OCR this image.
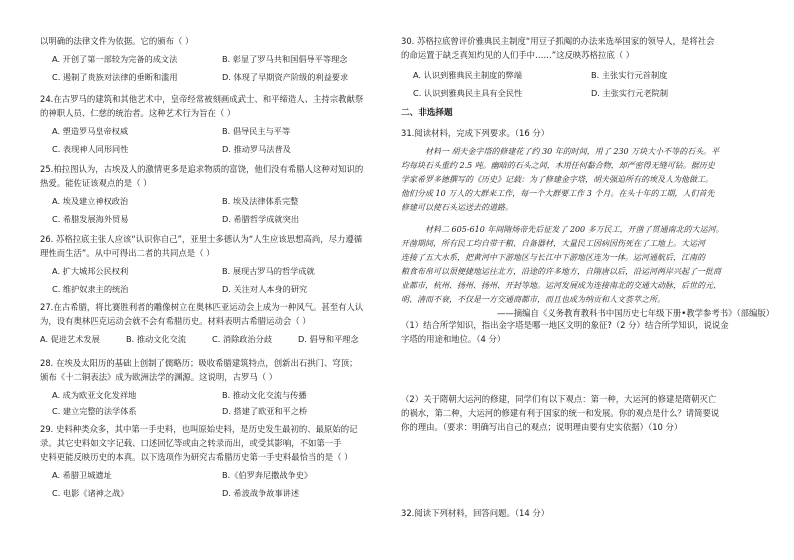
以明确的法律文件为依据。它的颁布（ ）
24.在古罗马的建筑和其他艺术中，皇帝经常被刻画成武士、和平缔造人、主持宗教献祭
的神职人员、仁慈的统治者。这种艺术行为旨在（ ）
25.柏拉图认为，古埃及人的激情更多是追求物质的富饶，他们没有希腊人这种对知识的
热爱。能佐证该观点的是（ ）
26. 苏格拉底主张人应该“认识你自己”，亚里士多德认为“人生应该思想高尚，尽力遵循
理性而生活”。从中可得出二者的共同点是（ ）
27.在古希腊，将比赛胜利者的雕像树立在奥林匹亚运动会上成为一种风气。甚至有人认
为，设有奥林匹克运动会就不会有希腊历史。材料表明古希腊运动会（ ）
28. 在埃及太阳历的基础上创制了儒略历；吸收希腊建筑特点，创新出石拱门、穹顶；
颁布《十二铜表法》成为欧洲法学的渊源。这说明，古罗马（ ）
29. 史料种类众多，其中第一手史料，也叫原始史料，是历史发生最初的、最原始的记
录。其它史料如文字记载、口述回忆等或由之转录而出，或受其影响，不如第一手
史料更能反映历史的本真。以下选项作为研究古希腊历史第一手史料最恰当的是（ ）
A. 开创了第一部较为完备的成文法	B. 彰显了罗马共和国倡导平等理念
C. 遏制了贵族对法律的垂断和滥用	D. 体现了早期资产阶级的利益要求
A. 塑造罗马皇帝权威	B. 倡导民主与平等
C. 表现神人同形同性	D. 推动罗马法普及
A. 埃及建立神权政治	B. 埃及法律体系完整
C. 希腊发展海外贸易	D. 希腊哲学成就突出
A. 扩大城邦公民权利	B. 展现古罗马的哲学成就
C. 维护奴隶主的统治	D. 关注对人本身的研究
A. 促进艺术发展	B. 推动文化交流	C. 消除政治分歧	D. 倡导和平理念
A. 成为欧亚文化发祥地	B. 推动文化交流与传播
C. 建立完整的法学体系	D. 搭建了欧亚和平之桥
A. 希腊卫城遗址	B.《伯罗奔尼撒战争史》
C. 电影《诸神之战》	D. 希波战争故事讲述
二、非选择题
——摘编自《义务教育教科书中国历史七年级下册•教学参考书》（部编版）
30. 苏格拉底曾评价雅典民主制度“用豆子抓阄的办法来选举国家的领导人，是将社会
的命运置于缺乏真知灼见的人们手中……”这反映苏格拉底（ ）
31.阅读材料，完成下列要求。（16 分）
（1）结合所学知识，指出金字塔是哪一地区文明的象征?（2 分）结合所学知识，说说金
字塔的用途和地位。（4 分）
（2）关于隋朝大运河的修建，同学们有以下观点：第一种，大运河的修建是隋朝灭亡
的祸水，第二种，大运河的修建有利于国家的统一和发展。你的观点是什么？请简要说
你的理由。（要求：明确写出自己的观点；说明理由要有史实依据）（10 分）
32.阅读下列材料，回答问题。（14 分）
A. 认识到雅典民主制度的弊端	B. 主张实行元首制度
C. 认识到雅典民主具有全民性	D. 主张实行元老院制
材料一 胡夫金字塔的修建花了约 30 年的时间，用了 230 万块大小不等的石头。平
均每块石头重约 2.5 吨。幽暗的石头之间，木用任何黏合物，却严密得无缝可钻。据历史
学家希罗多德撰写的《历史》记载：为了修建金字塔，胡夫强迫所有的埃及人为他做工。
他们分成 10 万人的大群来工作，每一个大群要工作 3 个月。在头十年的工期，人们首先
修建可以使石头运送去的道路。
材料二 605-610 年间隋炀帝先后征发了 200 多万民工，开凿了贯通南北的大运河。
开凿期间，所有民工均自带干粮、自备器材，大量民工因病因伤死在了工地上。大运河
连接了五大水系，把黄河中下游地区与长江中下游地区连为一体。运河通航后，江南的
粮食布帛可以很便捷地运往北方，沿途的许多地方，自隋唐以后，沿运河两岸兴起了一批商
业都市，杭州、扬州、扬州、开封等地。运河发展成为连接南北的交通大动脉，后世的元、
明、清而不衰，不仅是一方交通商都市，而且也成为纳贡和人文荟萃之所。
